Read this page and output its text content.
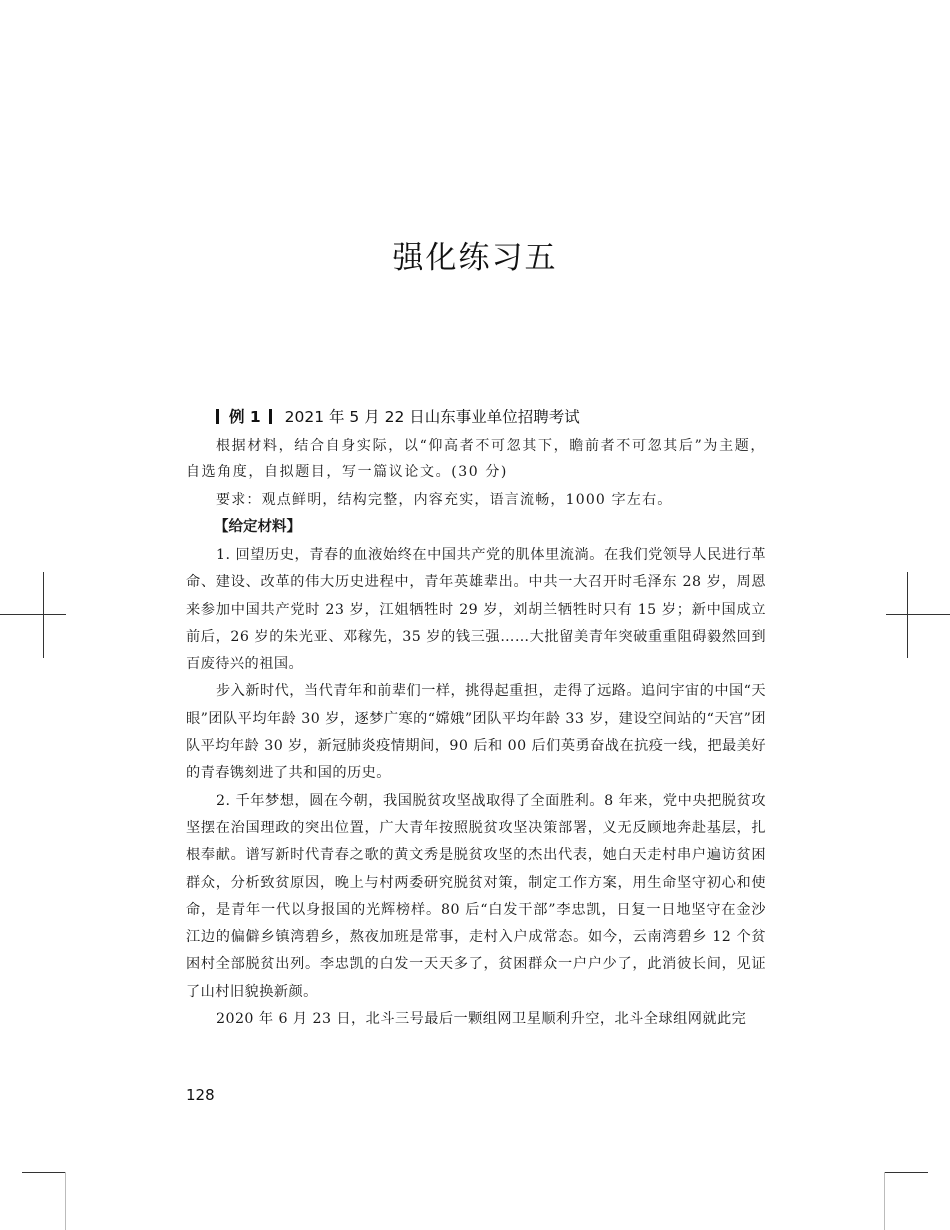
强化练习五
例 1 2021 年 5 月 22 日山东事业单位招聘考试

根据材料，结合自身实际，以“仰高者不可忽其下，瞻前者不可忽其后”为主题，自选角度，自拟题目，写一篇议论文。(30 分)

要求：观点鲜明，结构完整，内容充实，语言流畅，1000 字左右。

【给定材料】

1. 回望历史，青春的血液始终在中国共产党的肌体里流淌。在我们党领导人民进行革命、建设、改革的伟大历史进程中，青年英雄辈出。中共一大召开时毛泽东 28 岁，周恩来参加中国共产党时 23 岁，江姐牺牲时 29 岁，刘胡兰牺牲时只有 15 岁；新中国成立前后，26 岁的朱光亚、邓稼先，35 岁的钱三强……大批留美青年突破重重阻碍毅然回到百废待兴的祖国。

步入新时代，当代青年和前辈们一样，挑得起重担，走得了远路。追问宇宙的中国“天眼”团队平均年龄 30 岁，逐梦广寒的“嫦娥”团队平均年龄 33 岁，建设空间站的“天宫”团队平均年龄 30 岁，新冠肺炎疫情期间，90 后和 00 后们英勇奋战在抗疫一线，把最美好的青春镌刻进了共和国的历史。

2. 千年梦想，圆在今朝，我国脱贫攻坚战取得了全面胜利。8 年来，党中央把脱贫攻坚摆在治国理政的突出位置，广大青年按照脱贫攻坚决策部署，义无反顾地奔赴基层，扎根奉献。谱写新时代青春之歌的黄文秀是脱贫攻坚的杰出代表，她白天走村串户遍访贫困群众，分析致贫原因，晚上与村两委研究脱贫对策，制定工作方案，用生命坚守初心和使命，是青年一代以身报国的光辉榜样。80 后“白发干部”李忠凯，日复一日地坚守在金沙江边的偏僻乡镇湾碧乡，熬夜加班是常事，走村入户成常态。如今，云南湾碧乡 12 个贫困村全部脱贫出列。李忠凯的白发一天天多了，贫困群众一户户少了，此消彼长间，见证了山村旧貌换新颜。

2020 年 6 月 23 日，北斗三号最后一颗组网卫星顺利升空，北斗全球组网就此完

128
